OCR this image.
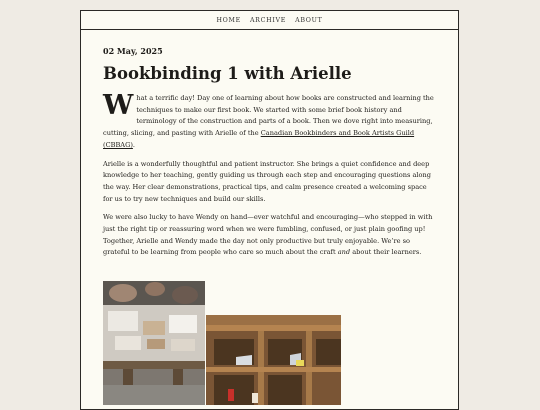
HOME ARCHIVE ABOUT

02 May, 2025

Bookbinding 1 with Arielle

What a terrific day! Day one of learning about how books are constructed and learning the techniques to make our first book. We started with some brief book history and terminology of the construction and parts of a book. Then we dove right into measuring, cutting, slicing, and pasting with Arielle of the Canadian Bookbinders and Book Artists Guild (CBBAG).

Arielle is a wonderfully thoughtful and patient instructor. She brings a quiet confidence and deep knowledge to her teaching, gently guiding us through each step and encouraging questions along the way. Her clear demonstrations, practical tips, and calm presence created a welcoming space for us to try new techniques and build our skills.

We were also lucky to have Wendy on hand—ever watchful and encouraging—who stepped in with just the right tip or reassuring word when we were fumbling, confused, or just plain goofing up! Together, Arielle and Wendy made the day not only productive but truly enjoyable. We’re so grateful to be learning from people who care so much about the craft and about their learners.
